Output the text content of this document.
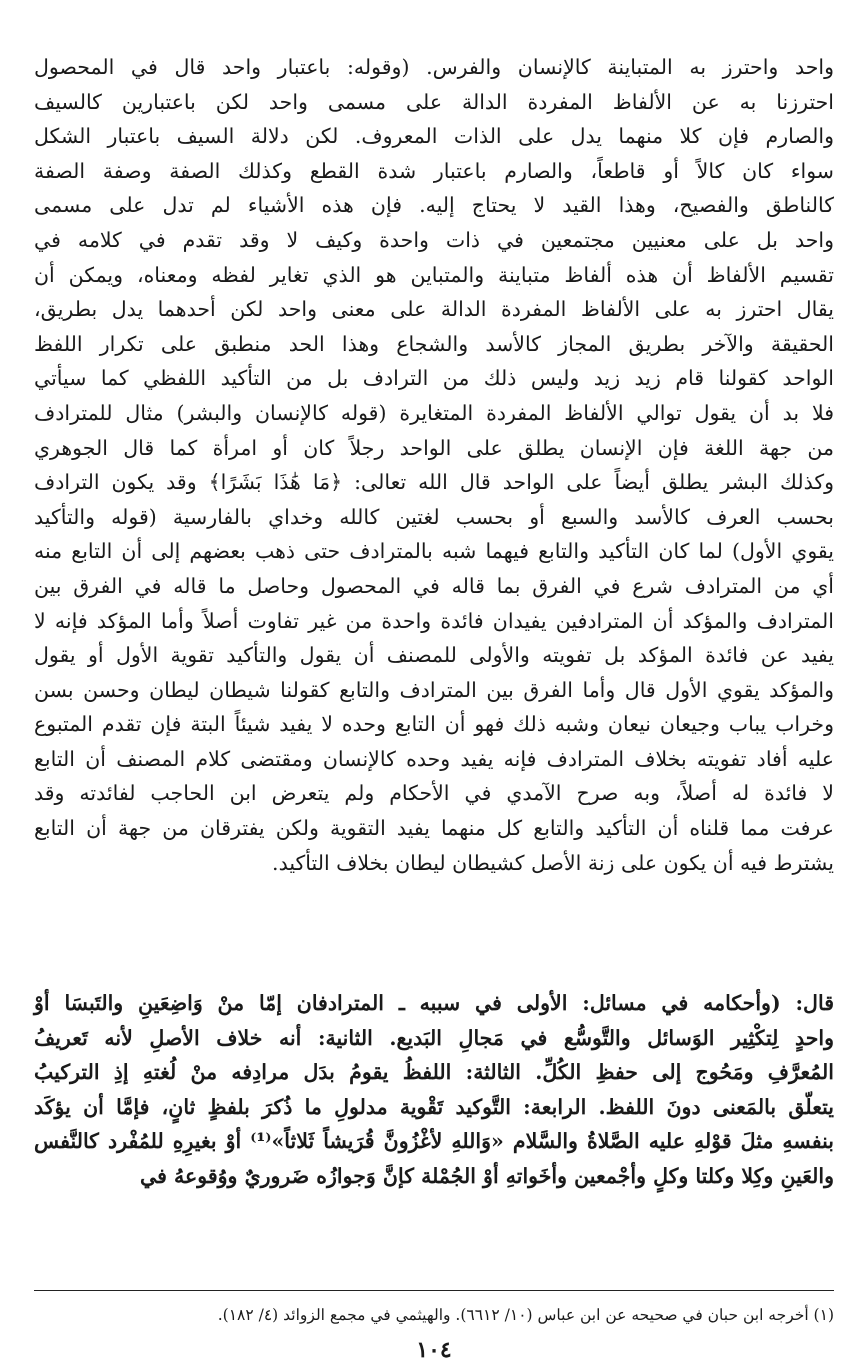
واحد واحترز به المتباينة كالإنسان والفرس. (وقوله: باعتبار واحد قال في المحصول
احترزنا به عن الألفاظ المفردة الدالة على مسمى واحد لكن باعتبارين كالسيف
والصارم فإن كلا منهما يدل على الذات المعروف. لكن دلالة السيف باعتبار الشكل
سواء كان كالاً أو قاطعاً، والصارم باعتبار شدة القطع وكذلك الصفة وصفة الصفة
كالناطق والفصيح، وهذا القيد لا يحتاج إليه. فإن هذه الأشياء لم تدل على مسمى
واحد بل على معنيين مجتمعين في ذات واحدة وكيف لا وقد تقدم في كلامه في
تقسيم الألفاظ أن هذه ألفاظ متباينة والمتباين هو الذي تغاير لفظه ومعناه، ويمكن أن
يقال احترز به على الألفاظ المفردة الدالة على معنى واحد لكن أحدهما يدل بطريق،
الحقيقة والآخر بطريق المجاز كالأسد والشجاع وهذا الحد منطبق على تكرار اللفظ
الواحد كقولنا قام زيد زيد وليس ذلك من الترادف بل من التأكيد اللفظي كما سيأتي
فلا بد أن يقول توالي الألفاظ المفردة المتغايرة (قوله كالإنسان والبشر) مثال للمترادف
من جهة اللغة فإن الإنسان يطلق على الواحد رجلاً كان أو امرأة كما قال الجوهري
وكذلك البشر يطلق أيضاً على الواحد قال الله تعالى: ﴿مَا هَٰذَا بَشَرًا﴾ وقد يكون الترادف
بحسب العرف كالأسد والسبع أو بحسب لغتين كالله وخداي بالفارسية (قوله والتأكيد
يقوي الأول) لما كان التأكيد والتابع فيهما شبه بالمترادف حتى ذهب بعضهم إلى أن التابع منه
أي من المترادف شرع في الفرق بما قاله في المحصول وحاصل ما قاله في الفرق بين
المترادف والمؤكد أن المترادفين يفيدان فائدة واحدة من غير تفاوت أصلاً وأما المؤكد فإنه لا
يفيد عن فائدة المؤكد بل تفويته والأولى للمصنف أن يقول والتأكيد تقوية الأول أو يقول
والمؤكد يقوي الأول قال وأما الفرق بين المترادف والتابع كقولنا شيطان ليطان وحسن بسن
وخراب يباب وجيعان نيعان وشبه ذلك فهو أن التابع وحده لا يفيد شيئاً البتة فإن تقدم المتبوع
عليه أفاد تفويته بخلاف المترادف فإنه يفيد وحده كالإنسان ومقتضى كلام المصنف أن التابع
لا فائدة له أصلاً، وبه صرح الآمدي في الأحكام ولم يتعرض ابن الحاجب لفائدته وقد
عرفت مما قلناه أن التأكيد والتابع كل منهما يفيد التقوية ولكن يفترقان من جهة أن التابع
يشترط فيه أن يكون على زنة الأصل كشيطان ليطان بخلاف التأكيد.
قال: (وأحكامه في مسائل: الأولى في سببه ـ المترادفان إمّا منْ وَاضِعَينِ والتَبسَا أوْ
واحدٍ لِتكْثِير الوَسائل والتَّوسُّع في مَجالِ البَديع. الثانية: أنه خلاف الأصلِ لأنه تَعريفُ
المُعرَّفِ ومَحُوج إلى حفظِ الكُلِّ. الثالثة: اللفظُ يقومُ بدَل مرادِفه منْ لُغتهِ إذِ التركيبُ
يتعلّق بالمَعنى دونَ اللفظ. الرابعة: التَّوكيد تَقْوية مدلولِ ما ذُكرَ بلفظٍ ثانٍ، فإمَّا أن يؤكَد
بنفسهِ مثلَ قوْلهِ عليه الصَّلاةُ والسَّلام «وَاللهِ لأغْزُونَّ قُرَيشاً ثَلاثاً»⁽¹⁾ أوْ بغيرِهِ للمُفْرد كالنَّفس
والعَينِ وكِلا وكلتا وكلٍ وأجْمعين وأخَواتهِ أوْ الجُمْلة كإنَّ وَجوازُه ضَروريٌ ووُقوعهُ في
(١) أخرجه ابن حبان في صحيحه عن ابن عباس (١٠/ ٦٦١٢). والهيثمي في مجمع الزوائد (٤/ ١٨٢).
١٠٤
